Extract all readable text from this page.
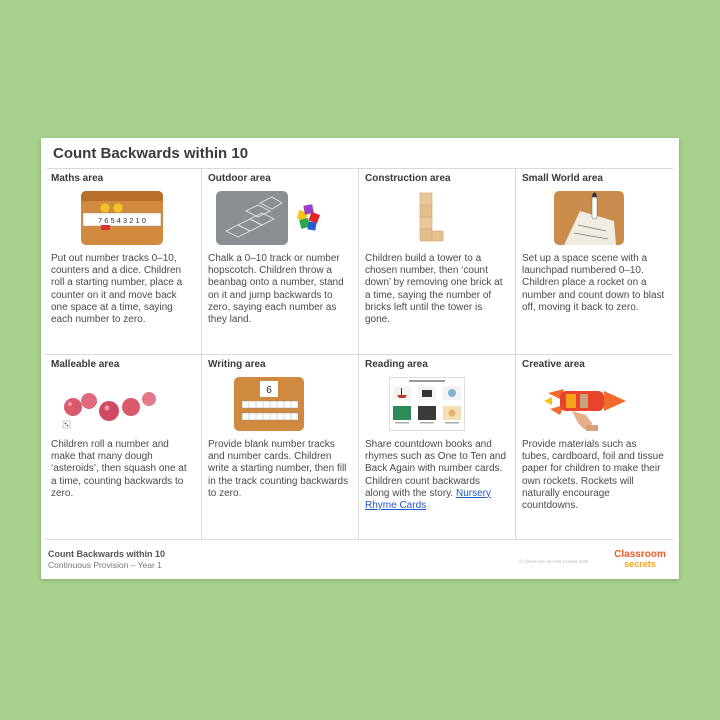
Count Backwards within 10
Maths area
7 6 5 4 3 2 1 0
Put out number tracks 0–10, counters and a dice. Children roll a starting number, place a counter on it and move back one space at a time, saying each number to zero.
Outdoor area
Chalk a 0–10 track or number hopscotch. Children throw a beanbag onto a number, stand on it and jump backwards to zero, saying each number as they land.
Construction area
Children build a tower to a chosen number, then ‘count down’ by removing one brick at a time, saying the number of bricks left until the tower is gone.
Small World area
Set up a space scene with a launchpad numbered 0–10. Children place a rocket on a number and count down to blast off, moving it back to zero.
Malleable area
Children roll a number and make that many dough ‘asteroids’, then squash one at a time, counting backwards to zero.
Writing area
6
Provide blank number tracks and number cards. Children write a starting number, then fill in the track counting backwards to zero.
Reading area
Share countdown books and rhymes such as One to Ten and Back Again with number cards. Children count backwards along with the story. Nursery Rhyme Cards
Creative area
Provide materials such as tubes, cardboard, foil and tissue paper for children to make their own rockets. Rockets will naturally encourage countdowns.
Count Backwards within 10
Continuous Provision – Year 1	© Classroom Secrets Limited 2025
Classroom
secrets
